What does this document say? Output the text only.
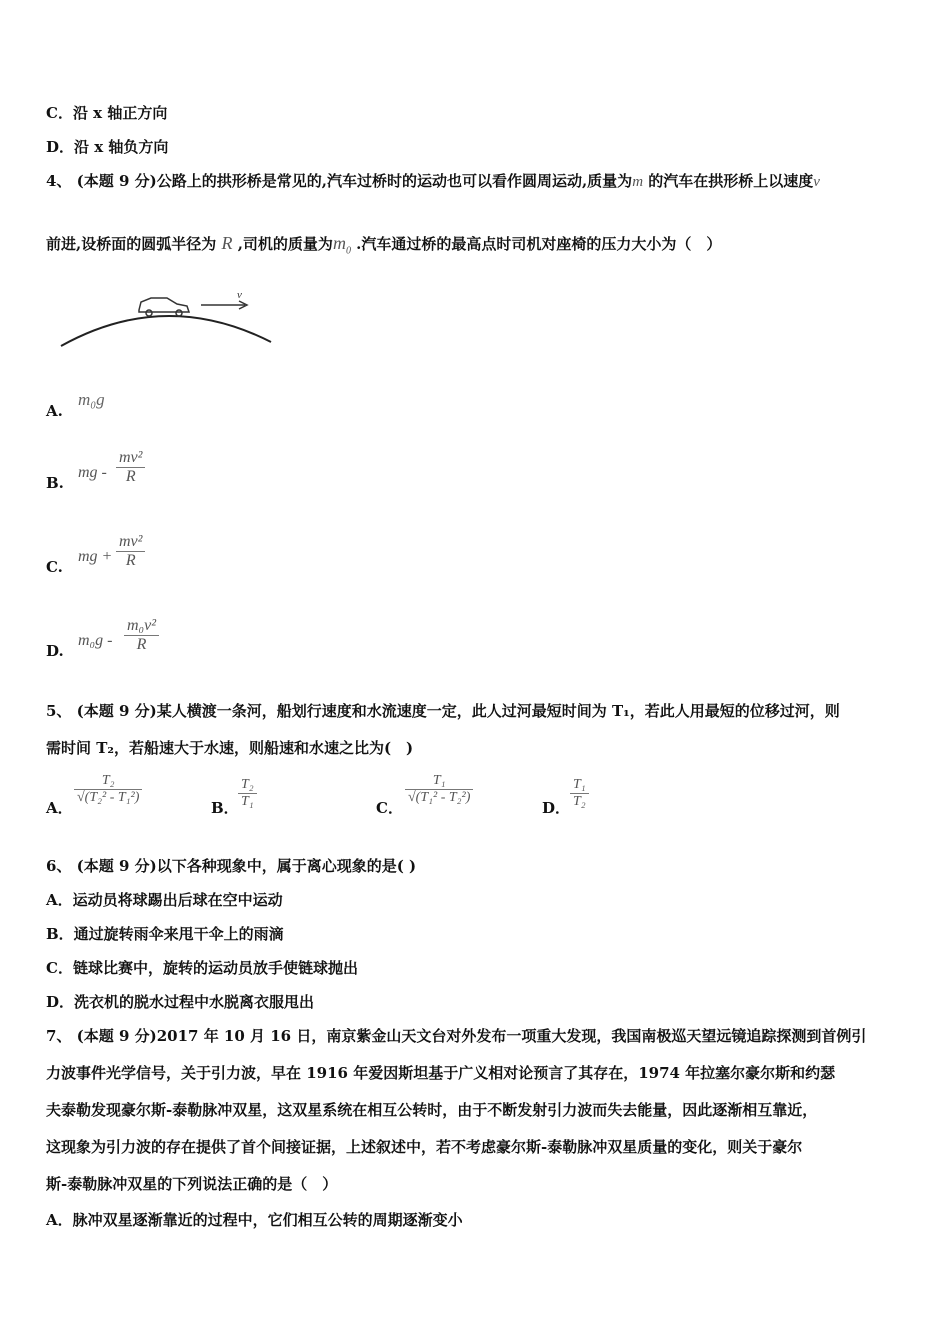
C．沿 x 轴正方向
D．沿 x 轴负方向
4、 (本题 9 分)公路上的拱形桥是常见的,汽车过桥时的运动也可以看作圆周运动,质量为m 的汽车在拱形桥上以速度v
前进,设桥面的圆弧半径为 R ,司机的质量为$m_0$ .汽车通过桥的最高点时司机对座椅的压力大小为（　）
v
A.
m₀g
B.
mg -
mv²
R
C.
mg +
mv²
R
D.
m₀g -
m₀v²
R
5、 (本题 9 分)某人横渡一条河，船划行速度和水流速度一定，此人过河最短时间为 T₁，若此人用最短的位移过河，则
需时间 T₂，若船速大于水速，则船速和水速之比为(　)
A．
T₂
√(T₂² - T₁²)
B．
T₂
T₁	C．
T₁
√(T₁² - T₂²)
D．
T₁
T₂
6、 (本题 9 分)以下各种现象中，属于离心现象的是( )
A．运动员将球踢出后球在空中运动
B．通过旋转雨伞来甩干伞上的雨滴
C．链球比赛中，旋转的运动员放手使链球抛出
D．洗衣机的脱水过程中水脱离衣服甩出
7、 (本题 9 分)2017 年 10 月 16 日，南京紫金山天文台对外发布一项重大发现，我国南极巡天望远镜追踪探测到首例引
力波事件光学信号，关于引力波，早在 1916 年爱因斯坦基于广义相对论预言了其存在，1974 年拉塞尔豪尔斯和约瑟
夫泰勒发现豪尔斯-泰勒脉冲双星，这双星系统在相互公转时，由于不断发射引力波而失去能量，因此逐渐相互靠近，
这现象为引力波的存在提供了首个间接证据，上述叙述中，若不考虑豪尔斯-泰勒脉冲双星质量的变化，则关于豪尔
斯-泰勒脉冲双星的下列说法正确的是（　）
A．脉冲双星逐渐靠近的过程中，它们相互公转的周期逐渐变小
